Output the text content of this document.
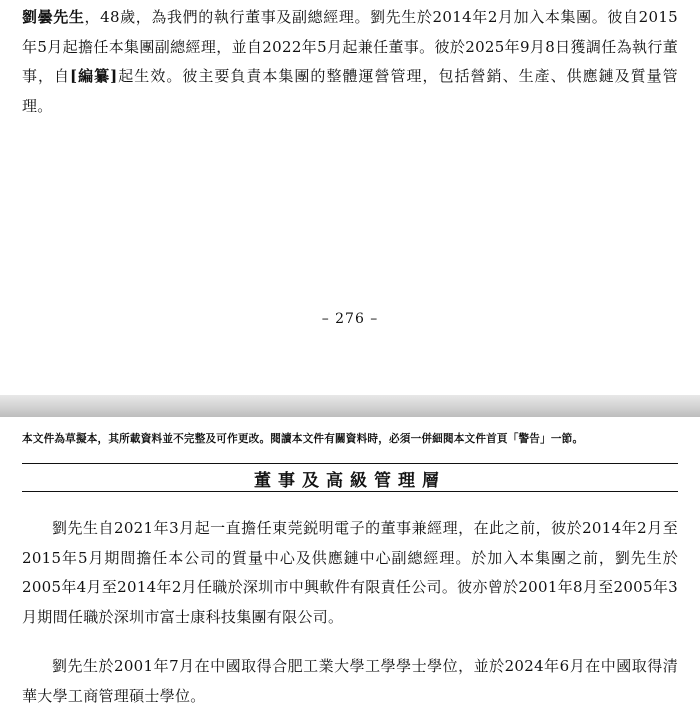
劉曇先生，48歲，為我們的執行董事及副總經理。劉先生於2014年2月加入本集團。彼自2015年5月起擔任本集團副總經理，並自2022年5月起兼任董事。彼於2025年9月8日獲調任為執行董事，自[編纂]起生效。彼主要負責本集團的整體運營管理，包括營銷、生產、供應鏈及質量管理。

– 276 –
本文件為草擬本，其所載資料並不完整及可作更改。閱讀本文件有關資料時，必須一併細閱本文件首頁「警告」一節。
董事及高級管理層

劉先生自2021年3月起一直擔任東莞鋭明電子的董事兼經理，在此之前，彼於2014年2月至2015年5月期間擔任本公司的質量中心及供應鏈中心副總經理。於加入本集團之前，劉先生於2005年4月至2014年2月任職於深圳市中興軟件有限責任公司。彼亦曾於2001年8月至2005年3月期間任職於深圳市富士康科技集團有限公司。

劉先生於2001年7月在中國取得合肥工業大學工學學士學位，並於2024年6月在中國取得清華大學工商管理碩士學位。
